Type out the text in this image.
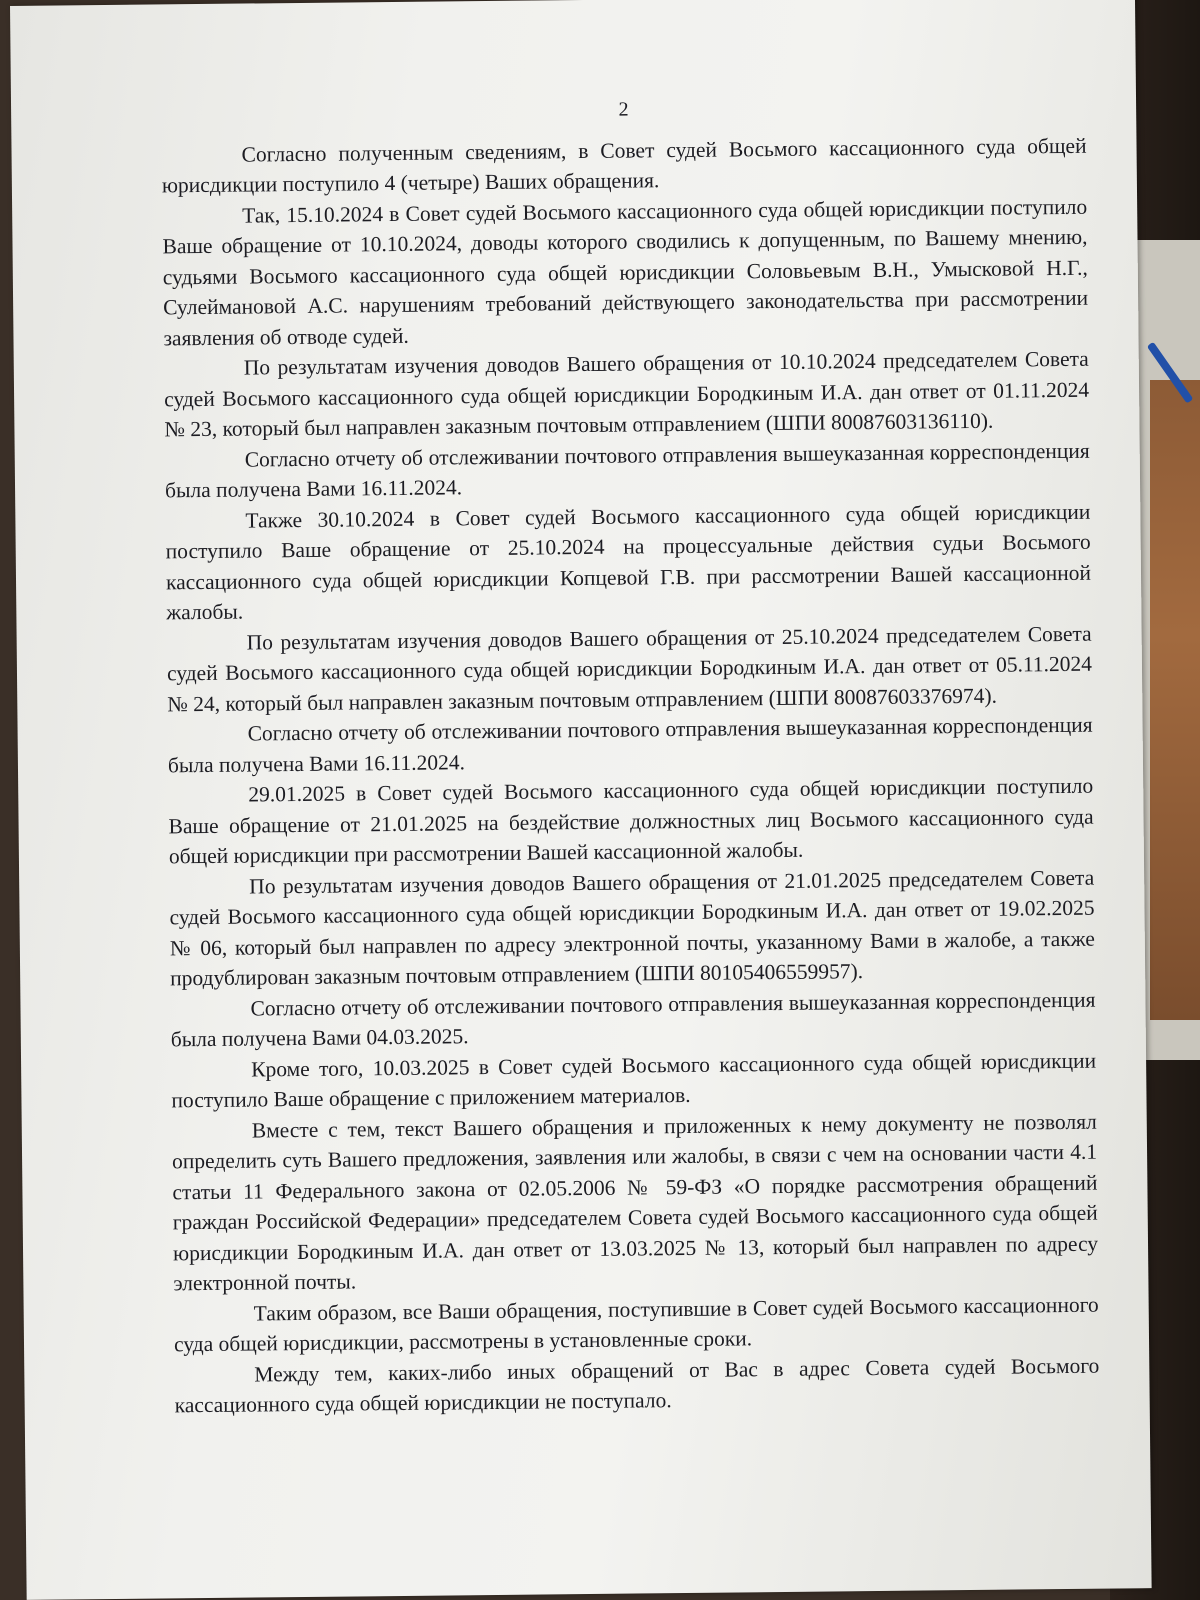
2

Согласно полученным сведениям, в Совет судей Восьмого кассационного суда общей юрисдикции поступило 4 (четыре) Ваших обращения.

Так, 15.10.2024 в Совет судей Восьмого кассационного суда общей юрисдикции поступило Ваше обращение от 10.10.2024, доводы которого сводились к допущенным, по Вашему мнению, судьями Восьмого кассационного суда общей юрисдикции Соловьевым В.Н., Умысковой Н.Г., Сулеймановой А.С. нарушениям требований действующего законодательства при рассмотрении заявления об отводе судей.

По результатам изучения доводов Вашего обращения от 10.10.2024 председателем Совета судей Восьмого кассационного суда общей юрисдикции Бородкиным И.А. дан ответ от 01.11.2024 № 23, который был направлен заказным почтовым отправлением (ШПИ 80087603136110).

Согласно отчету об отслеживании почтового отправления вышеуказанная корреспонденция была получена Вами 16.11.2024.

Также 30.10.2024 в Совет судей Восьмого кассационного суда общей юрисдикции поступило Ваше обращение от 25.10.2024 на процессуальные действия судьи Восьмого кассационного суда общей юрисдикции Копцевой Г.В. при рассмотрении Вашей кассационной жалобы.

По результатам изучения доводов Вашего обращения от 25.10.2024 председателем Совета судей Восьмого кассационного суда общей юрисдикции Бородкиным И.А. дан ответ от 05.11.2024 № 24, который был направлен заказным почтовым отправлением (ШПИ 80087603376974).

Согласно отчету об отслеживании почтового отправления вышеуказанная корреспонденция была получена Вами 16.11.2024.

29.01.2025 в Совет судей Восьмого кассационного суда общей юрисдикции поступило Ваше обращение от 21.01.2025 на бездействие должностных лиц Восьмого кассационного суда общей юрисдикции при рассмотрении Вашей кассационной жалобы.

По результатам изучения доводов Вашего обращения от 21.01.2025 председателем Совета судей Восьмого кассационного суда общей юрисдикции Бородкиным И.А. дан ответ от 19.02.2025 № 06, который был направлен по адресу электронной почты, указанному Вами в жалобе, а также продублирован заказным почтовым отправлением (ШПИ 80105406559957).

Согласно отчету об отслеживании почтового отправления вышеуказанная корреспонденция была получена Вами 04.03.2025.

Кроме того, 10.03.2025 в Совет судей Восьмого кассационного суда общей юрисдикции поступило Ваше обращение с приложением материалов.

Вместе с тем, текст Вашего обращения и приложенных к нему документу не позволял определить суть Вашего предложения, заявления или жалобы, в связи с чем на основании части 4.1 статьи 11 Федерального закона от 02.05.2006 № 59-ФЗ «О порядке рассмотрения обращений граждан Российской Федерации» председателем Совета судей Восьмого кассационного суда общей юрисдикции Бородкиным И.А. дан ответ от 13.03.2025 № 13, который был направлен по адресу электронной почты.

Таким образом, все Ваши обращения, поступившие в Совет судей Восьмого кассационного суда общей юрисдикции, рассмотрены в установленные сроки.

Между тем, каких-либо иных обращений от Вас в адрес Совета судей Восьмого кассационного суда общей юрисдикции не поступало.
